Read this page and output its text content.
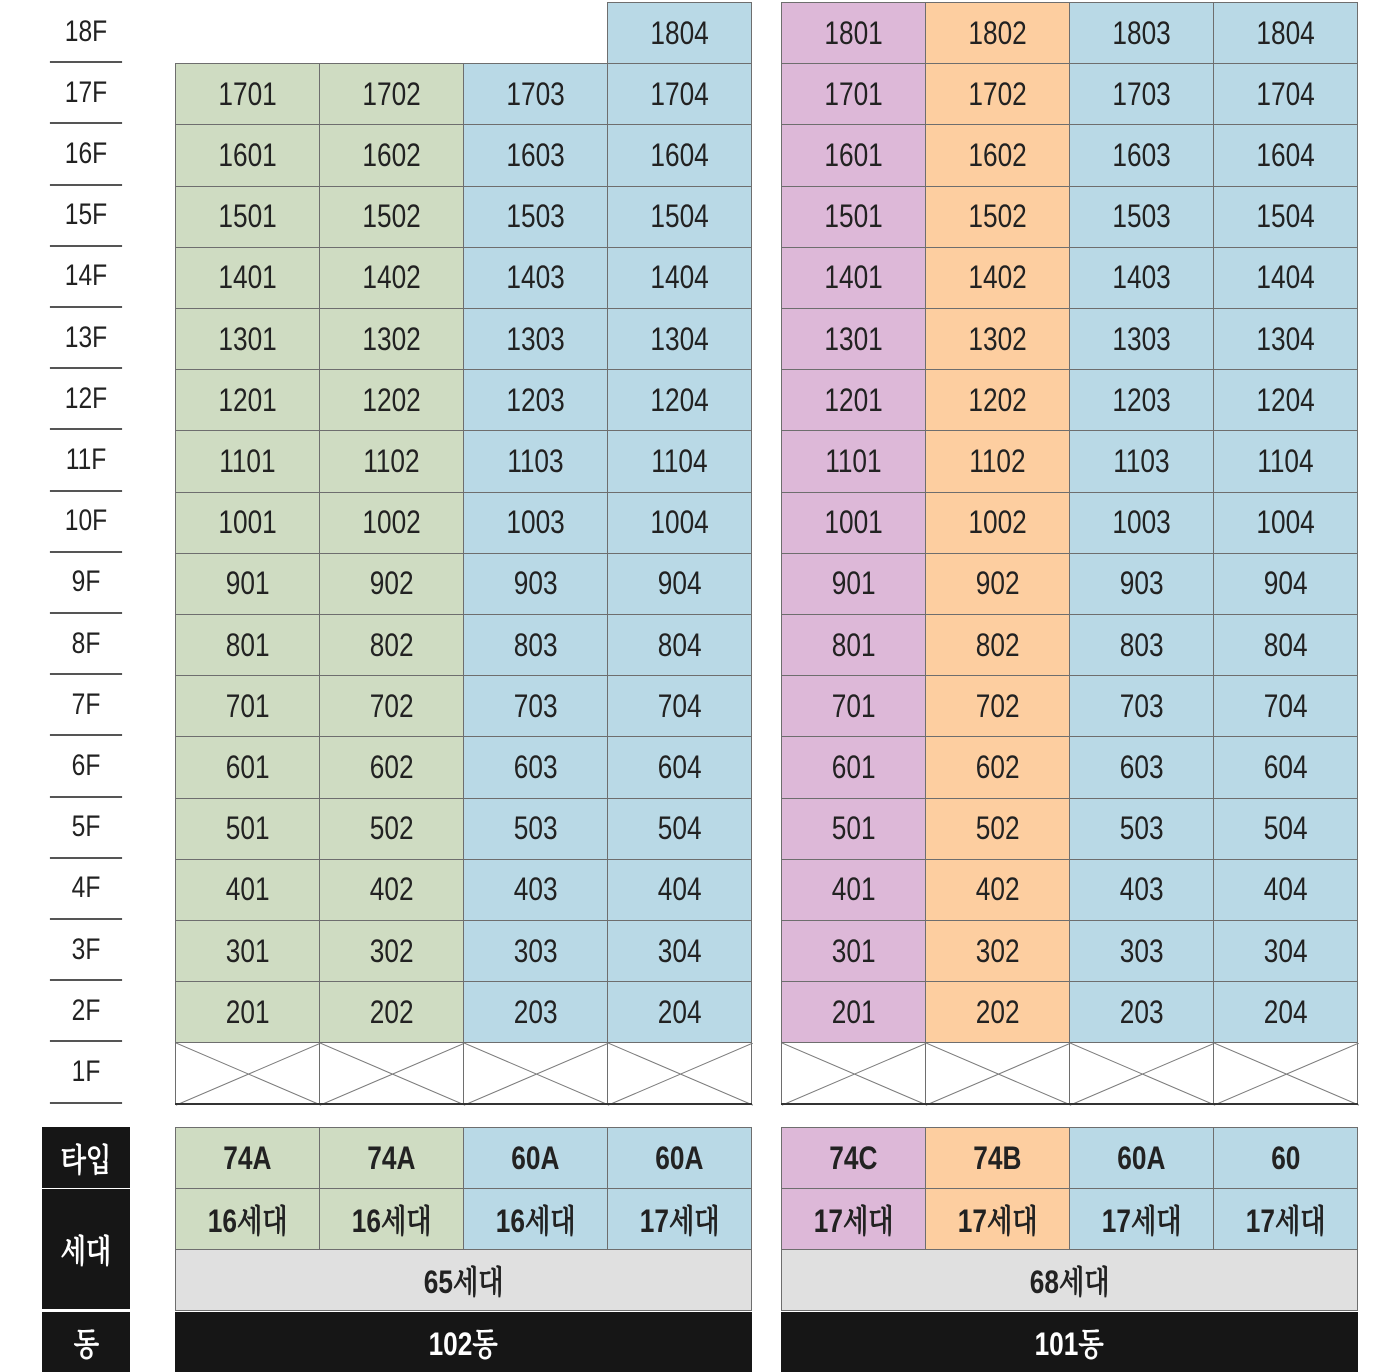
18F
17F
16F
15F
14F
13F
12F
11F
10F
9F
8F
7F
6F
5F
4F
3F
2F
1F
1701
1601
1501
1401
1301
1201
1101
1001
901
801
701
601
501
401
301
201
74A
16세대
1702
1602
1502
1402
1302
1202
1102
1002
902
802
702
602
502
402
302
202
74A
16세대
1703
1603
1503
1403
1303
1203
1103
1003
903
803
703
603
503
403
303
203
60A
16세대
1804
1704
1604
1504
1404
1304
1204
1104
1004
904
804
704
604
504
404
304
204
60A
17세대
65세대
102동
1801
1701
1601
1501
1401
1301
1201
1101
1001
901
801
701
601
501
401
301
201
74C
17세대
1802
1702
1602
1502
1402
1302
1202
1102
1002
902
802
702
602
502
402
302
202
74B
17세대
1803
1703
1603
1503
1403
1303
1203
1103
1003
903
803
703
603
503
403
303
203
60A
17세대
1804
1704
1604
1504
1404
1304
1204
1104
1004
904
804
704
604
504
404
304
204
60
17세대
68세대
101동
타입
세대
동
